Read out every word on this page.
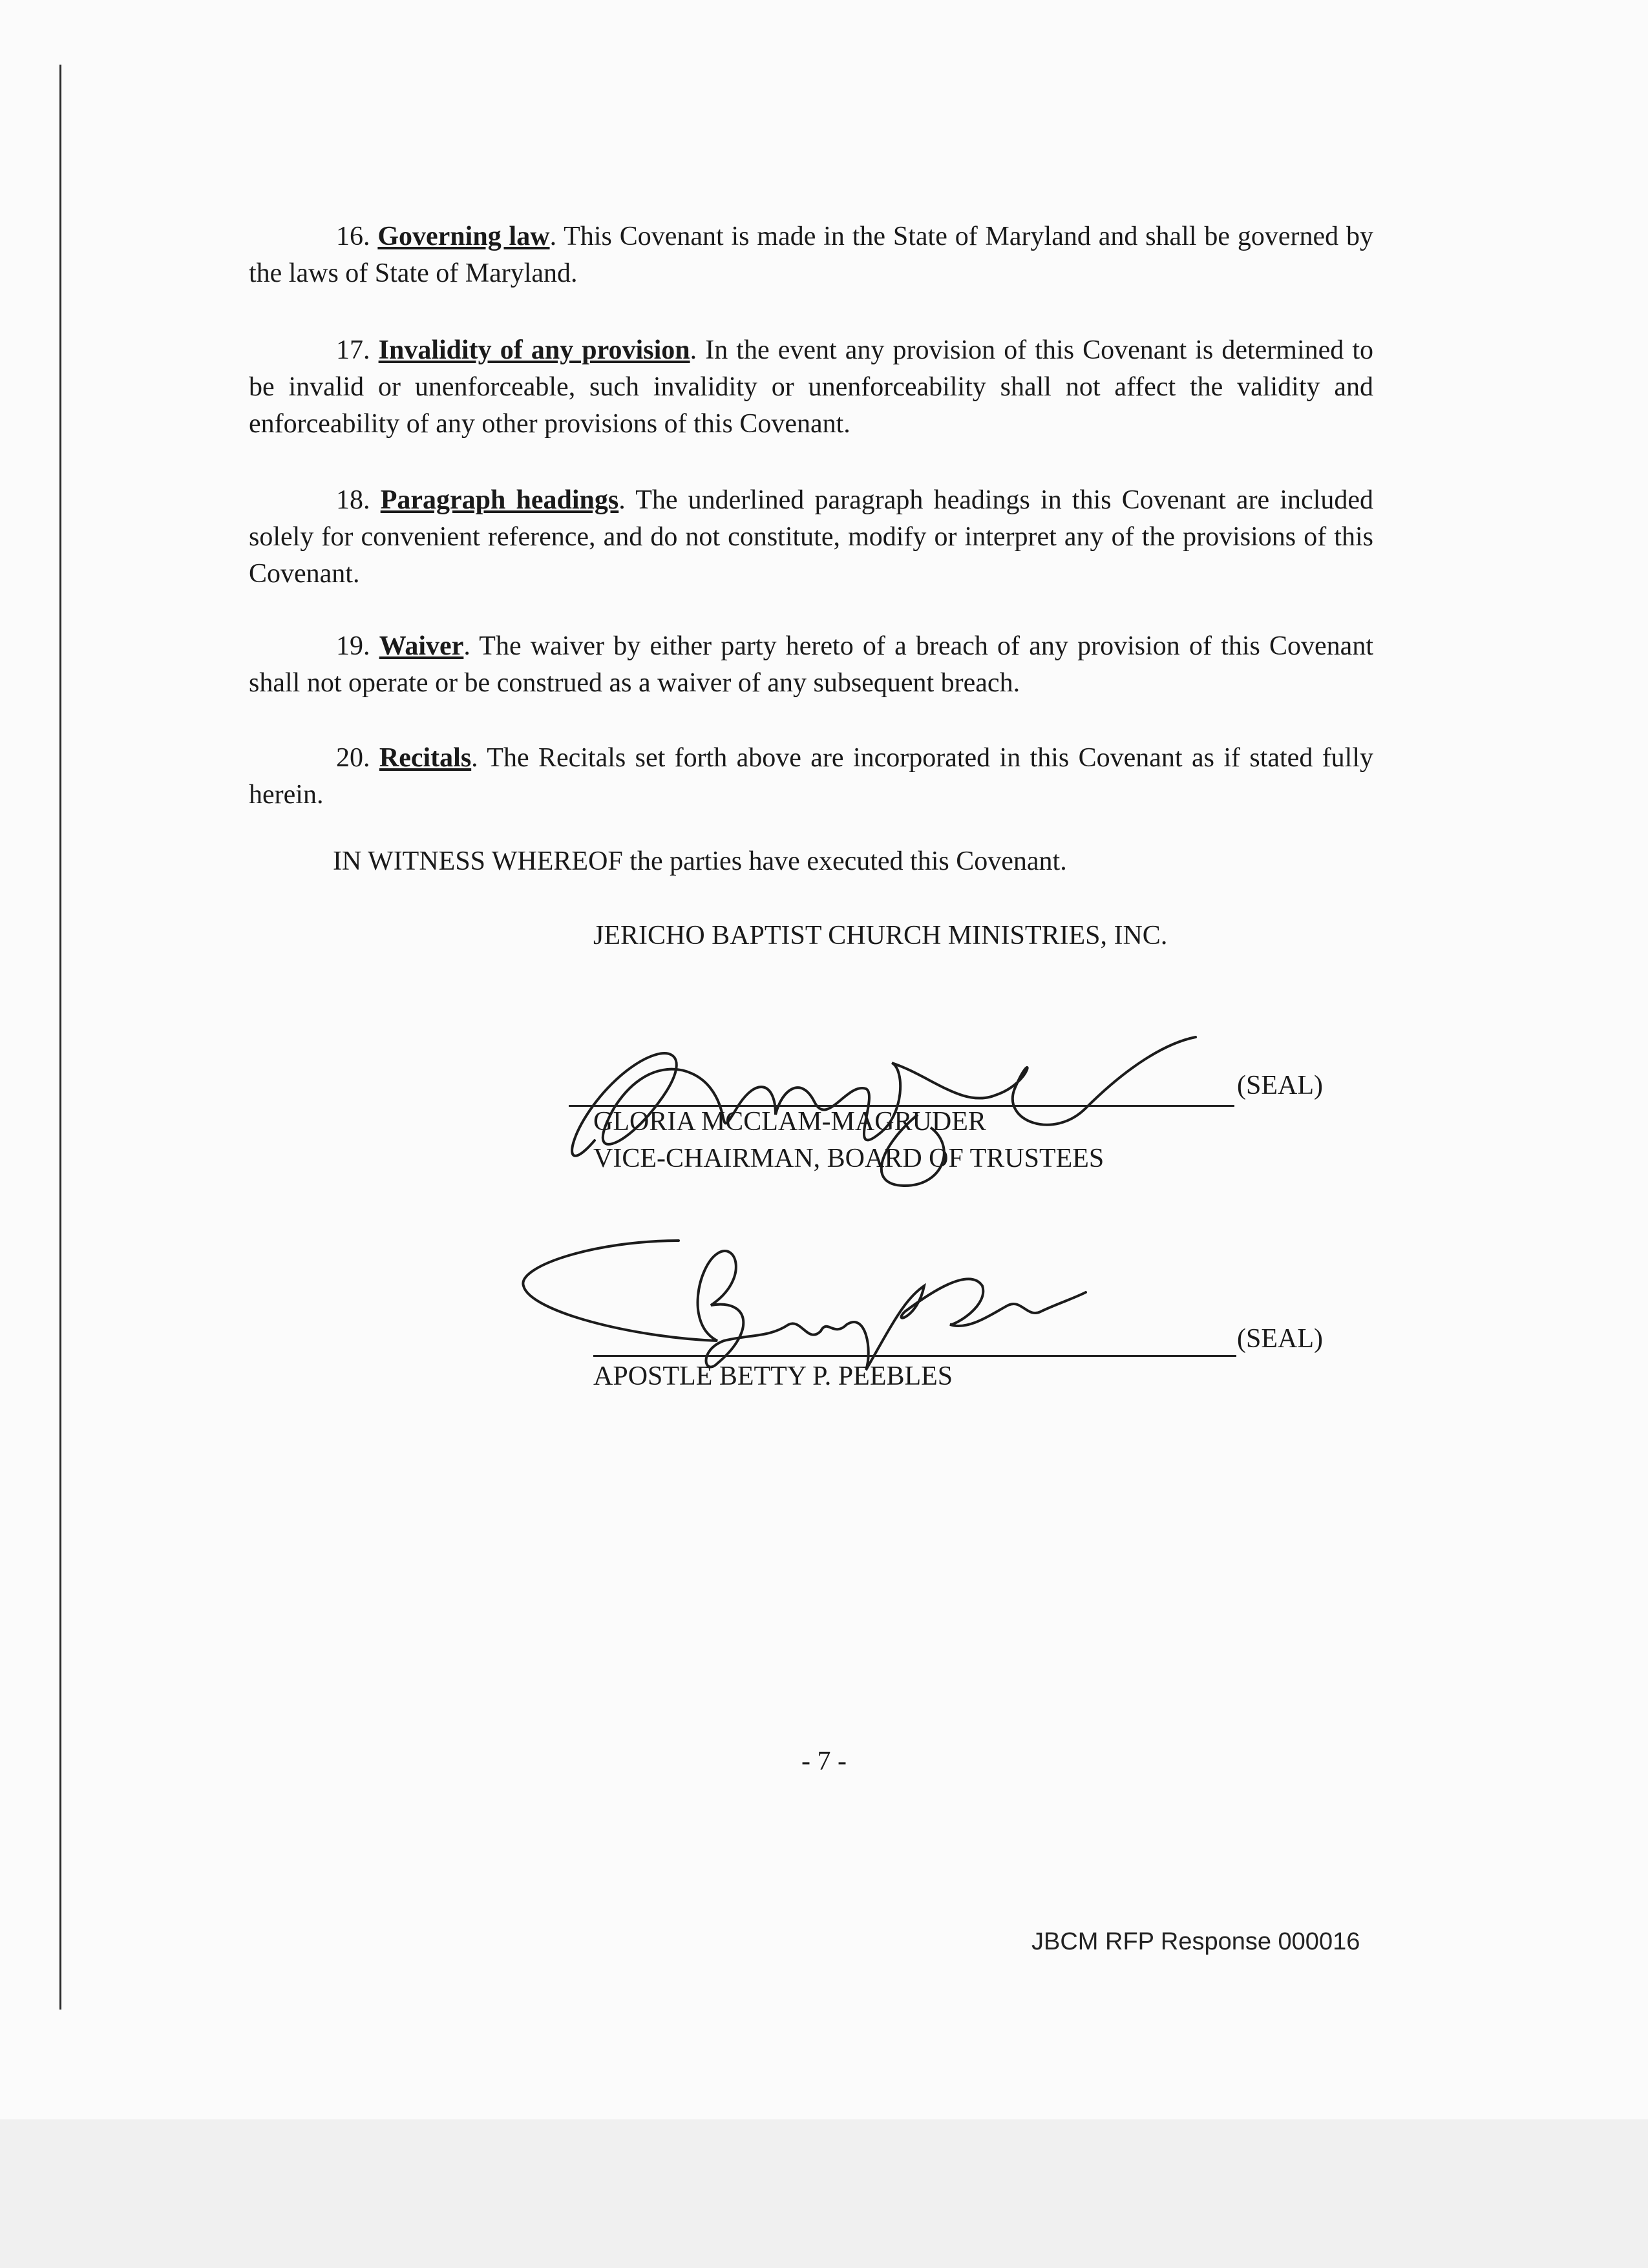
16. Governing law. This Covenant is made in the State of Maryland and shall be governed by the laws of State of Maryland.

17. Invalidity of any provision. In the event any provision of this Covenant is determined to be invalid or unenforceable, such invalidity or unenforceability shall not affect the validity and enforceability of any other provisions of this Covenant.

18. Paragraph headings. The underlined paragraph headings in this Covenant are included solely for convenient reference, and do not constitute, modify or interpret any of the provisions of this Covenant.

19. Waiver. The waiver by either party hereto of a breach of any provision of this Covenant shall not operate or be construed as a waiver of any subsequent breach.

20. Recitals. The Recitals set forth above are incorporated in this Covenant as if stated fully herein.

IN WITNESS WHEREOF the parties have executed this Covenant.
JERICHO BAPTIST CHURCH MINISTRIES, INC.
(SEAL)
GLORIA MCCLAM-MAGRUDER
VICE-CHAIRMAN, BOARD OF TRUSTEES
(SEAL)
APOSTLE BETTY P. PEEBLES
- 7 -
JBCM RFP Response 000016
